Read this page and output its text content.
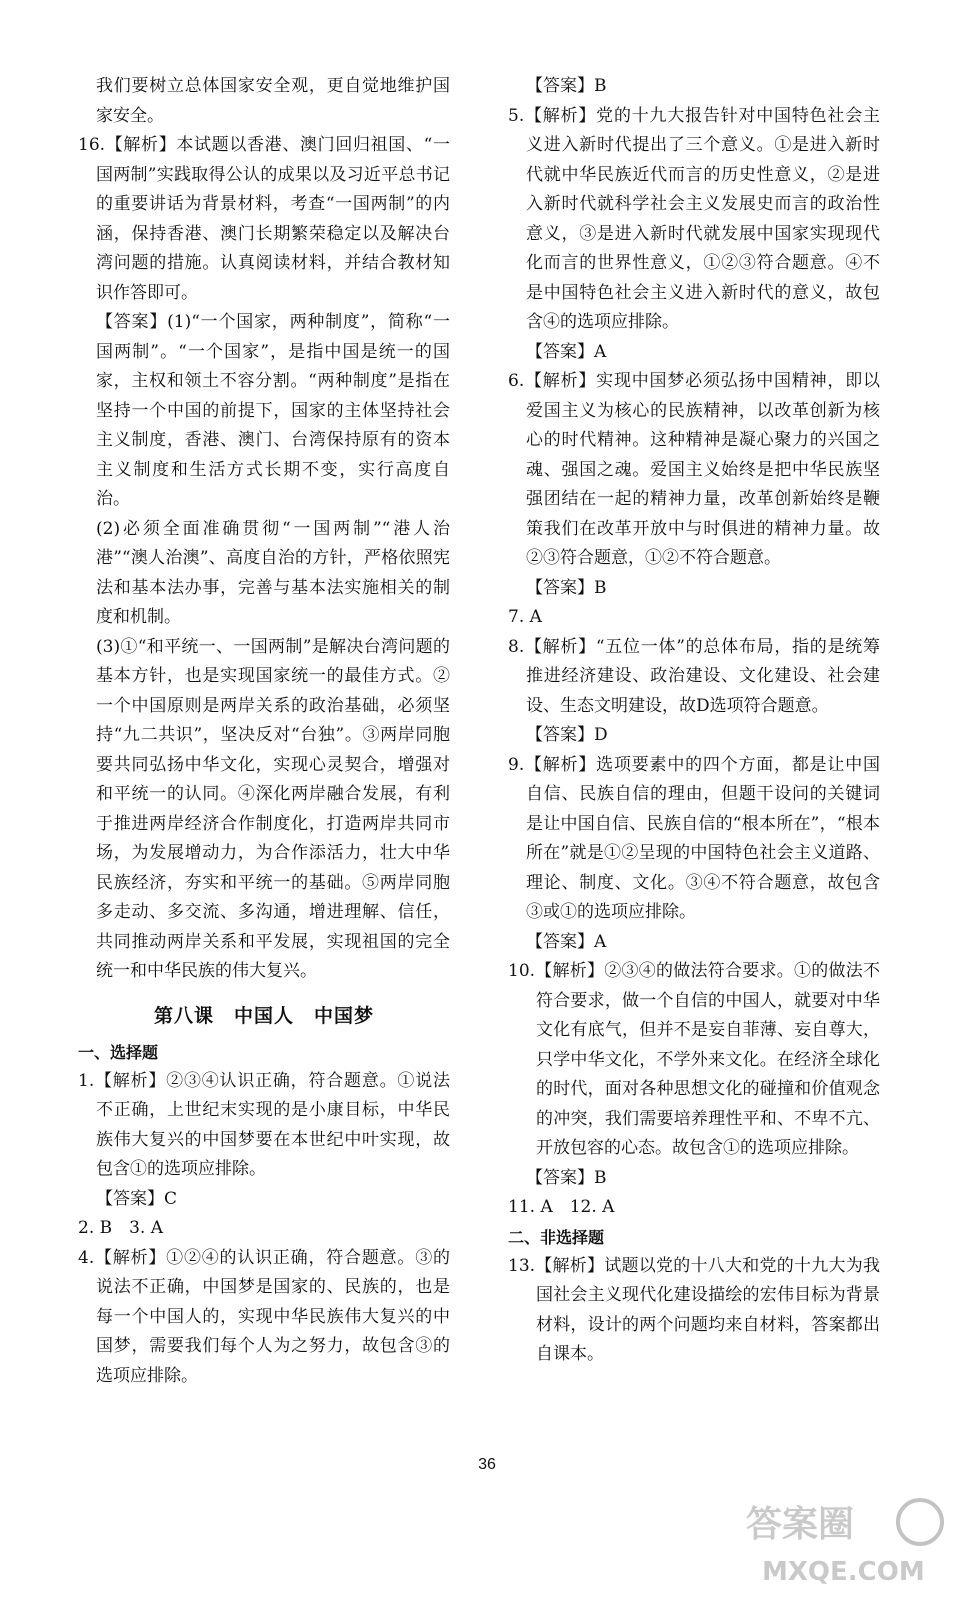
我们要树立总体国家安全观，更自觉地维护国家安全。

16.【解析】本试题以香港、澳门回归祖国、“一国两制”实践取得公认的成果以及习近平总书记的重要讲话为背景材料，考查“一国两制”的内涵，保持香港、澳门长期繁荣稳定以及解决台湾问题的措施。认真阅读材料，并结合教材知识作答即可。

【答案】(1)“一个国家，两种制度”，简称“一国两制”。“一个国家”，是指中国是统一的国家，主权和领土不容分割。“两种制度”是指在坚持一个中国的前提下，国家的主体坚持社会主义制度，香港、澳门、台湾保持原有的资本主义制度和生活方式长期不变，实行高度自治。

(2)必须全面准确贯彻“一国两制”“港人治港”“澳人治澳”、高度自治的方针，严格依照宪法和基本法办事，完善与基本法实施相关的制度和机制。

(3)①“和平统一、一国两制”是解决台湾问题的基本方针，也是实现国家统一的最佳方式。②一个中国原则是两岸关系的政治基础，必须坚持“九二共识”，坚决反对“台独”。③两岸同胞要共同弘扬中华文化，实现心灵契合，增强对和平统一的认同。④深化两岸融合发展，有利于推进两岸经济合作制度化，打造两岸共同市场，为发展增动力，为合作添活力，壮大中华民族经济，夯实和平统一的基础。⑤两岸同胞多走动、多交流、多沟通，增进理解、信任，共同推动两岸关系和平发展，实现祖国的完全统一和中华民族的伟大复兴。

第八课　中国人　中国梦

一、选择题

1.【解析】②③④认识正确，符合题意。①说法不正确，上世纪末实现的是小康目标，中华民族伟大复兴的中国梦要在本世纪中叶实现，故包含①的选项应排除。

【答案】C

2. B　3. A

4.【解析】①②④的认识正确，符合题意。③的说法不正确，中国梦是国家的、民族的，也是每一个中国人的，实现中华民族伟大复兴的中国梦，需要我们每个人为之努力，故包含③的选项应排除。

【答案】B

5.【解析】党的十九大报告针对中国特色社会主义进入新时代提出了三个意义。①是进入新时代就中华民族近代而言的历史性意义，②是进入新时代就科学社会主义发展史而言的政治性意义，③是进入新时代就发展中国家实现现代化而言的世界性意义，①②③符合题意。④不是中国特色社会主义进入新时代的意义，故包含④的选项应排除。

【答案】A

6.【解析】实现中国梦必须弘扬中国精神，即以爱国主义为核心的民族精神，以改革创新为核心的时代精神。这种精神是凝心聚力的兴国之魂、强国之魂。爱国主义始终是把中华民族坚强团结在一起的精神力量，改革创新始终是鞭策我们在改革开放中与时俱进的精神力量。故②③符合题意，①②不符合题意。

【答案】B

7. A

8.【解析】“五位一体”的总体布局，指的是统筹推进经济建设、政治建设、文化建设、社会建设、生态文明建设，故D选项符合题意。

【答案】D

9.【解析】选项要素中的四个方面，都是让中国自信、民族自信的理由，但题干设问的关键词是让中国自信、民族自信的“根本所在”，“根本所在”就是①②呈现的中国特色社会主义道路、理论、制度、文化。③④不符合题意，故包含③或①的选项应排除。

【答案】A

10.【解析】②③④的做法符合要求。①的做法不符合要求，做一个自信的中国人，就要对中华文化有底气，但并不是妄自菲薄、妄自尊大，只学中华文化，不学外来文化。在经济全球化的时代，面对各种思想文化的碰撞和价值观念的冲突，我们需要培养理性平和、不卑不亢、开放包容的心态。故包含①的选项应排除。

【答案】B

11. A　12. A

二、非选择题

13.【解析】试题以党的十八大和党的十九大为我国社会主义现代化建设描绘的宏伟目标为背景材料，设计的两个问题均来自材料，答案都出自课本。

36
答案圈
MXQE.COM
